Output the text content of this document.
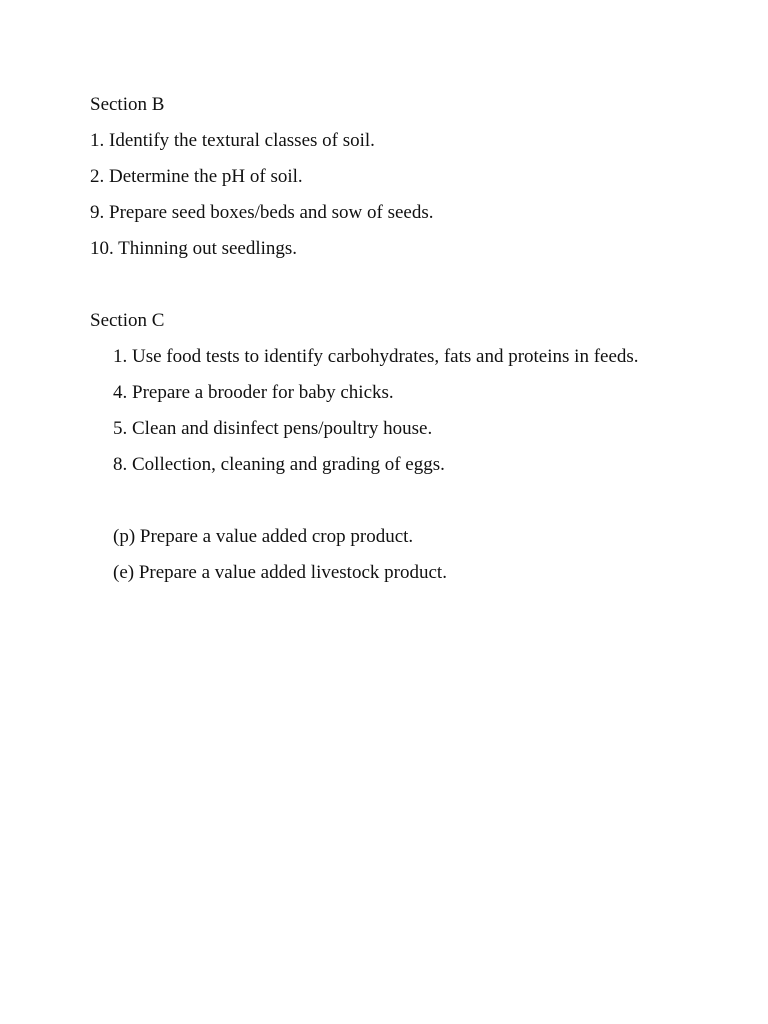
Section B
1. Identify the textural classes of soil.
2. Determine the pH of soil.
9. Prepare seed boxes/beds and sow of seeds.
10. Thinning out seedlings.
Section C
1. Use food tests to identify carbohydrates, fats and proteins in feeds.
4. Prepare a brooder for baby chicks.
5. Clean and disinfect pens/poultry house.
8. Collection, cleaning and grading of eggs.
(p) Prepare a value added crop product.
(e) Prepare a value added livestock product.
